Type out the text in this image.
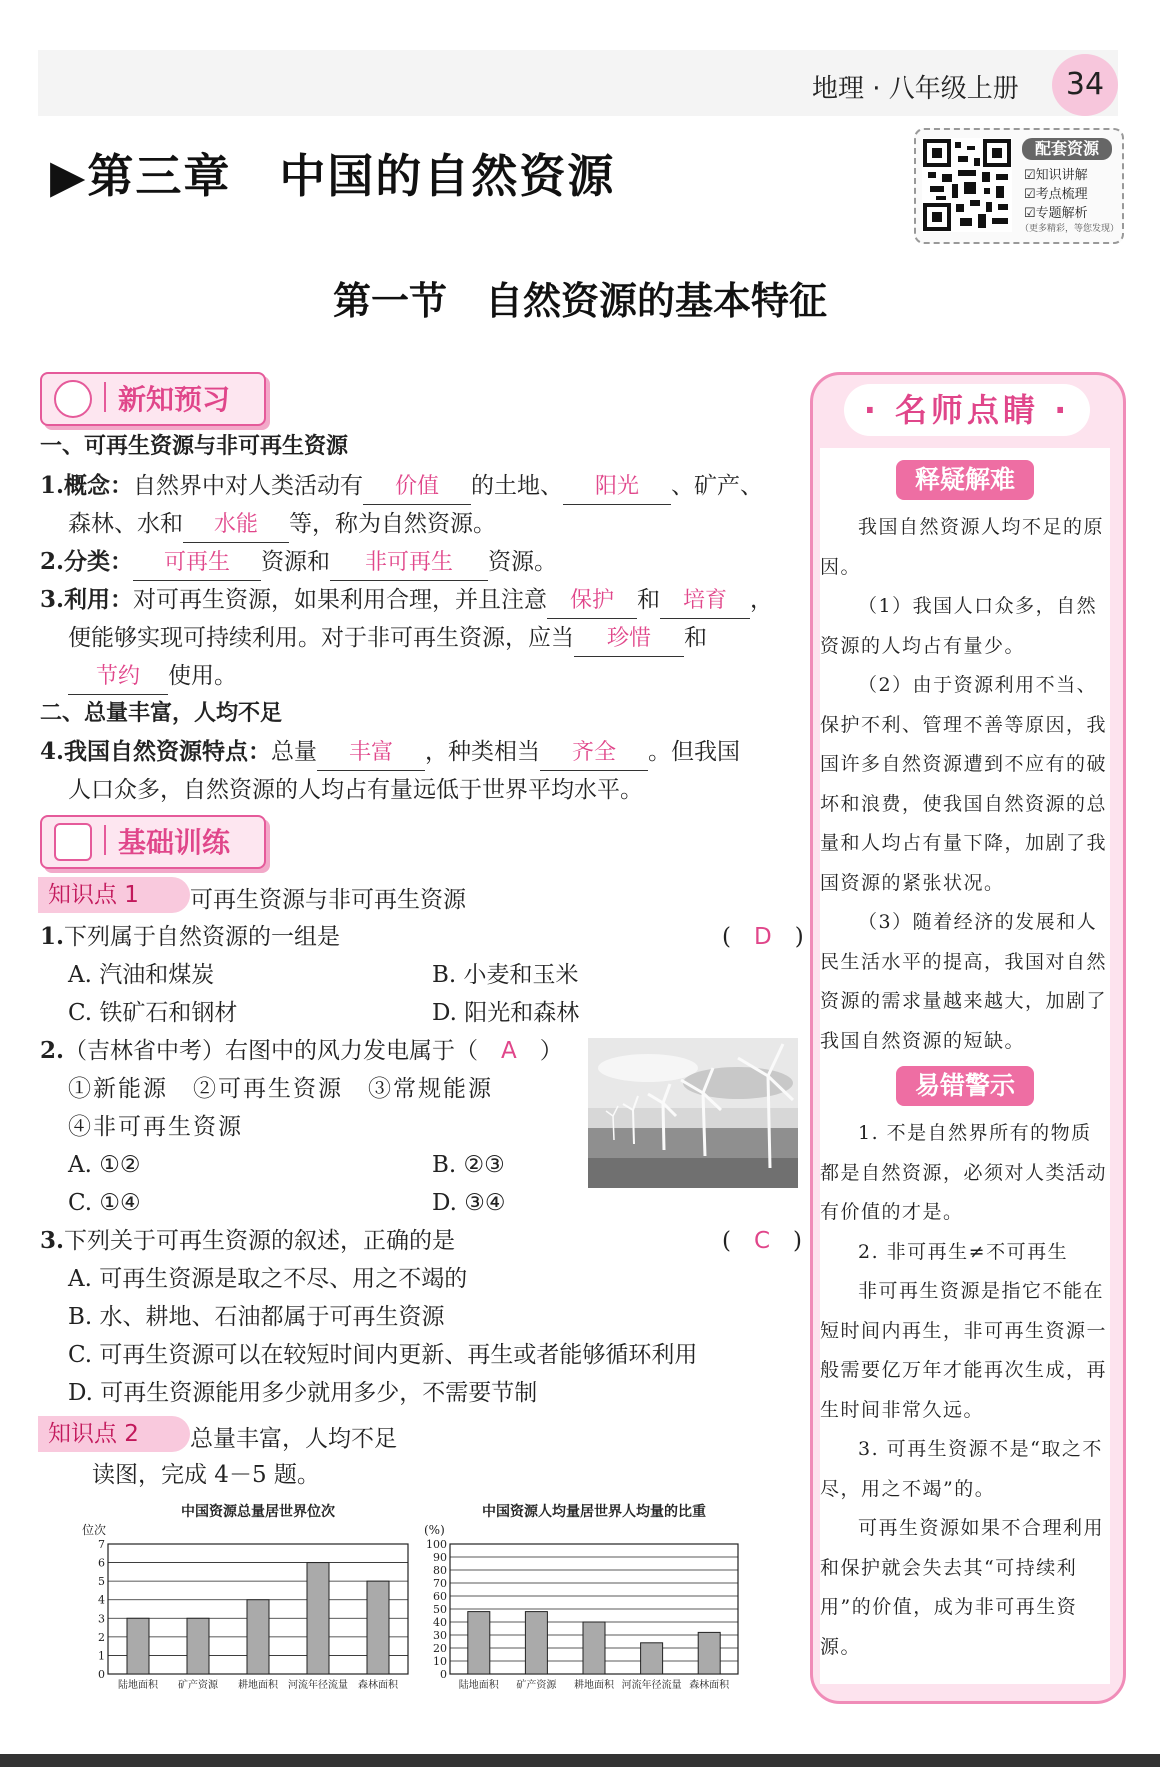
地理 · 八年级上册	34
▶第三章　中国的自然资源
配套资源
☑知识讲解
☑考点梳理
☑专题解析
（更多精彩，等您发现）
第一节　自然资源的基本特征
新知预习
一、可再生资源与非可再生资源
1.概念：自然界中对人类活动有 价值 的土地、 阳光 、矿产、
森林、水和 水能 等，称为自然资源。
2.分类： 可再生 资源和 非可再生 资源。
3.利用：对可再生资源，如果利用合理，并且注意 保护 和 培育 ，
便能够实现可持续利用。对于非可再生资源，应当 珍惜 和
节约 使用。
二、总量丰富，人均不足
4.我国自然资源特点：总量 丰富 ，种类相当 齐全 。但我国
人口众多，自然资源的人均占有量远低于世界平均水平。
基础训练
知识点 1	可再生资源与非可再生资源
1.下列属于自然资源的一组是	(　D　)
A. 汽油和煤炭	B. 小麦和玉米
C. 铁矿石和钢材	D. 阳光和森林
2.（吉林省中考）右图中的风力发电属于（　 A　 ）
①新能源　②可再生资源　③常规能源
④非可再生资源
A. ①②	B. ②③
C. ①④	D. ③④
3.下列关于可再生资源的叙述，正确的是	(　C　)
A. 可再生资源是取之不尽、用之不竭的
B. 水、耕地、石油都属于可再生资源
C. 可再生资源可以在较短时间内更新、再生或者能够循环利用
D. 可再生资源能用多少就用多少，不需要节制
知识点 2	总量丰富，人均不足
读图，完成 4－5 题。
中国资源总量居世界位次
位次
0
1
2
3
4
5
6
7
陆地面积 矿产资源 耕地面积 河流年径流量 森林面积
中国资源人均量居世界人均量的比重
(%)
0
10
20
30
40
50
60
70
80
90
100
陆地面积 矿产资源 耕地面积 河流年径流量 森林面积
· 名师点睛 ·
释疑解难

我国自然资源人均不足的原因。

（1）我国人口众多，自然资源的人均占有量少。

（2）由于资源利用不当、保护不利、管理不善等原因，我国许多自然资源遭到不应有的破坏和浪费，使我国自然资源的总量和人均占有量下降，加剧了我国资源的紧张状况。

（3）随着经济的发展和人民生活水平的提高，我国对自然资源的需求量越来越大，加剧了我国自然资源的短缺。

易错警示

1. 不是自然界所有的物质都是自然资源，必须对人类活动有价值的才是。

2. 非可再生≠不可再生

非可再生资源是指它不能在短时间内再生，非可再生资源一般需要亿万年才能再次生成，再生时间非常久远。

3. 可再生资源不是“取之不尽，用之不竭”的。

可再生资源如果不合理利用和保护就会失去其“可持续利用”的价值，成为非可再生资源。
